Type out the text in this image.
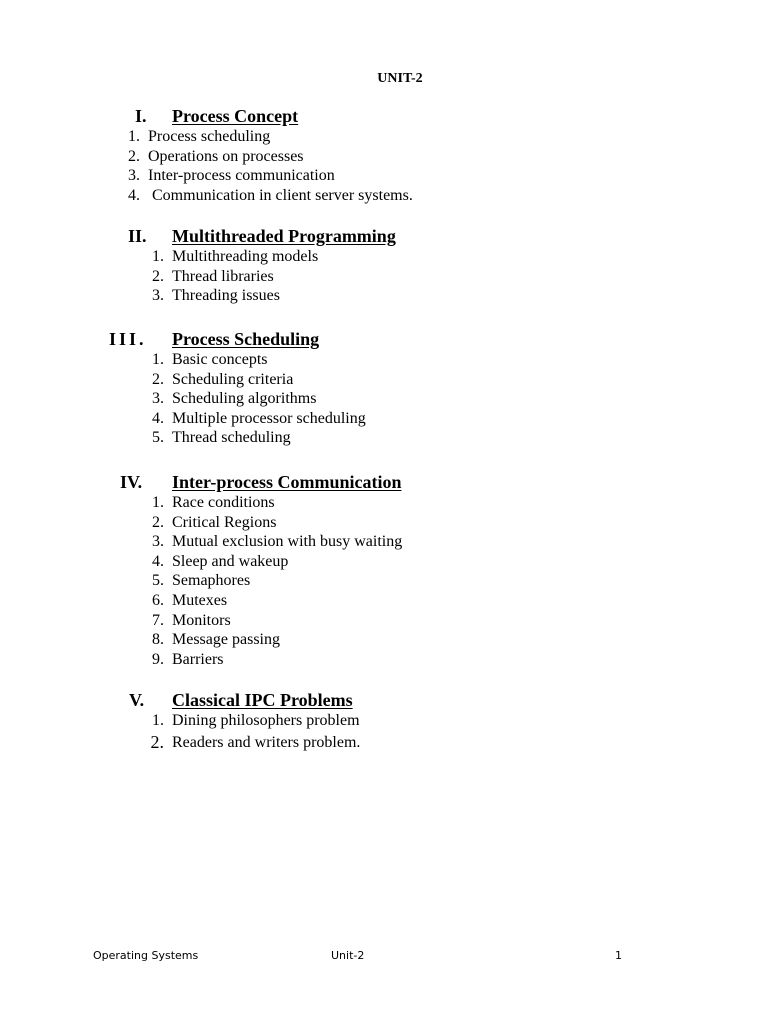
UNIT-2
I. Process Concept
1. Process scheduling
2. Operations on processes
3. Inter-process communication
4. Communication in client server systems.
II. Multithreaded Programming
1. Multithreading models
2. Thread libraries
3. Threading issues
III. Process Scheduling
1. Basic concepts
2. Scheduling criteria
3. Scheduling algorithms
4. Multiple processor scheduling
5. Thread scheduling
IV. Inter-process Communication
1. Race conditions
2. Critical Regions
3. Mutual exclusion with busy waiting
4. Sleep and wakeup
5. Semaphores
6. Mutexes
7. Monitors
8. Message passing
9. Barriers
V. Classical IPC Problems
1. Dining philosophers problem
2. Readers and writers problem.
Operating Systems	Unit-2	1
